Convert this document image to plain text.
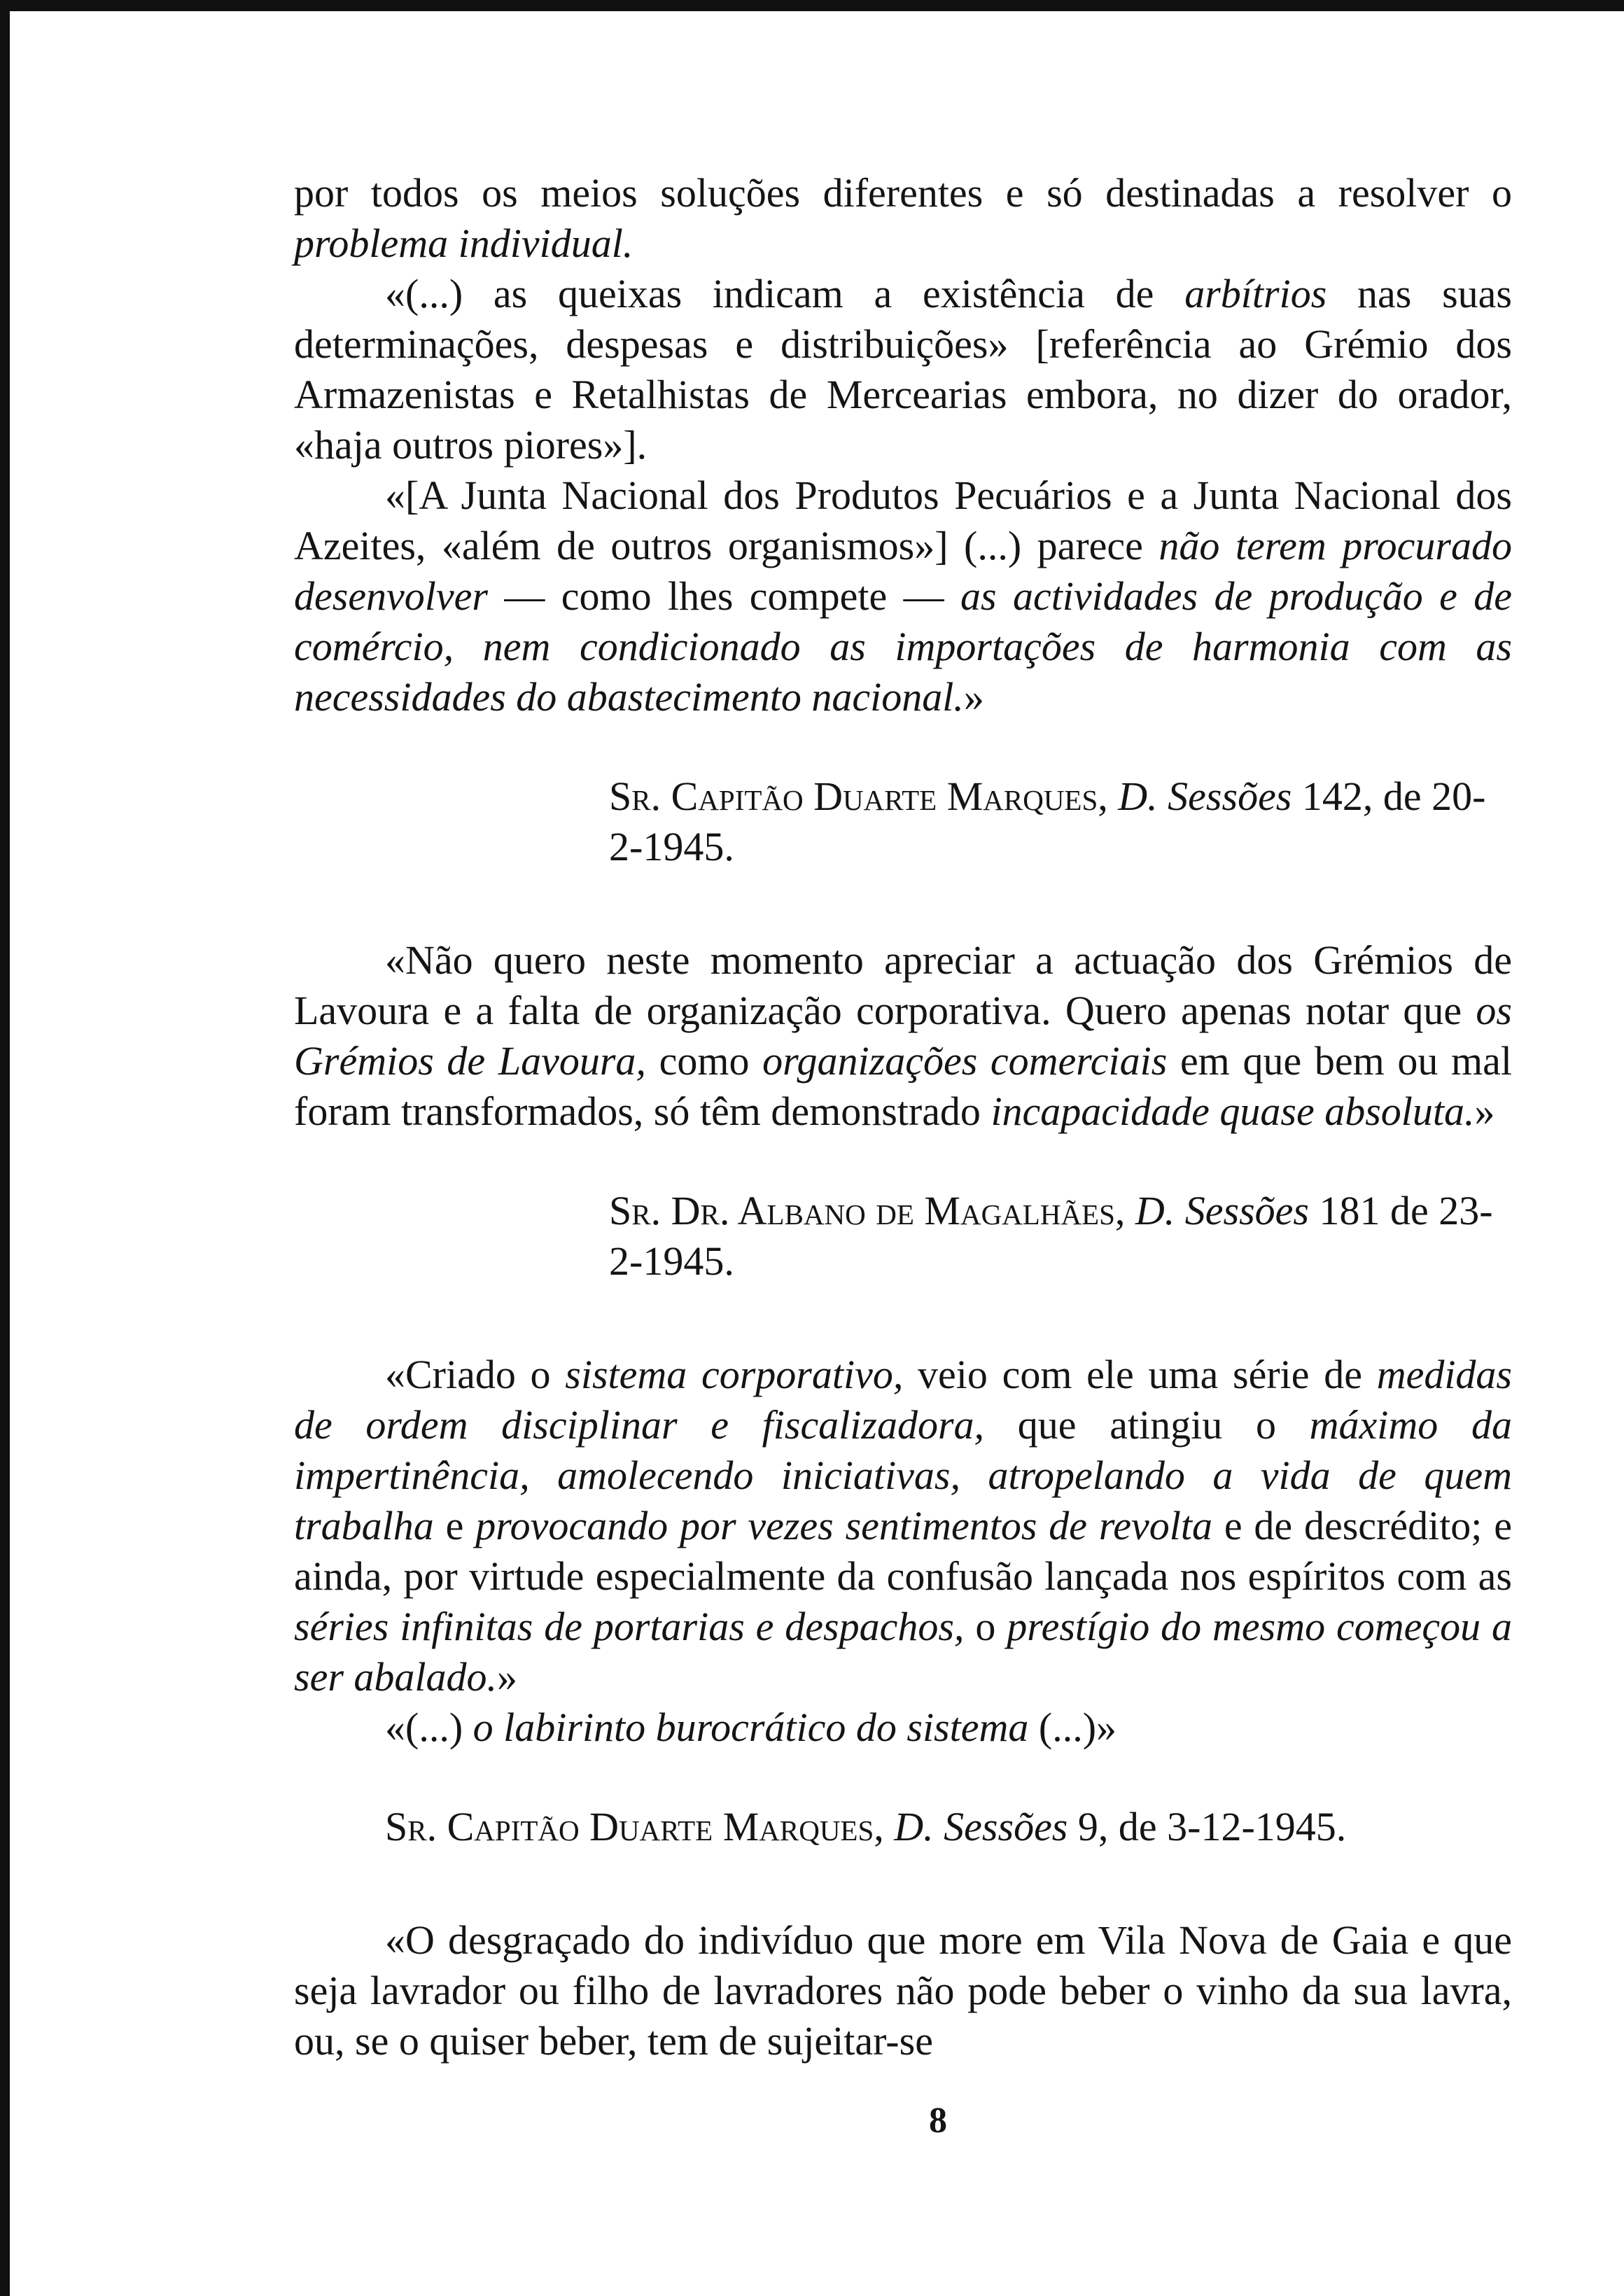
por todos os meios soluções diferentes e só destinadas a resolver o problema individual.

«(...) as queixas indicam a existência de arbítrios nas suas determinações, despesas e distribuições» [referência ao Grémio dos Armazenistas e Retalhistas de Mercearias embora, no dizer do orador, «haja outros piores»].

«[A Junta Nacional dos Produtos Pecuários e a Junta Nacional dos Azeites, «além de outros organismos»] (...) parece não terem procurado desenvolver — como lhes compete — as actividades de produção e de comércio, nem condicionado as importações de harmonia com as necessidades do abastecimento nacional.»

Sr. Capitão Duarte Marques, D. Sessões 142, de 20-2-1945.

«Não quero neste momento apreciar a actuação dos Grémios de Lavoura e a falta de organização corporativa. Quero apenas notar que os Grémios de Lavoura, como organizações comerciais em que bem ou mal foram transformados, só têm demonstrado incapacidade quase absoluta.»

Sr. Dr. Albano de Magalhães, D. Sessões 181 de 23-2-1945.

«Criado o sistema corporativo, veio com ele uma série de medidas de ordem disciplinar e fiscalizadora, que atingiu o máximo da impertinência, amolecendo iniciativas, atropelando a vida de quem trabalha e provocando por vezes sentimentos de revolta e de descrédito; e ainda, por virtude especialmente da confusão lançada nos espíritos com as séries infinitas de portarias e despachos, o prestígio do mesmo começou a ser abalado.»

«(...) o labirinto burocrático do sistema (...)»

Sr. Capitão Duarte Marques, D. Sessões 9, de 3-12-1945.

«O desgraçado do indivíduo que more em Vila Nova de Gaia e que seja lavrador ou filho de lavradores não pode beber o vinho da sua lavra, ou, se o quiser beber, tem de sujeitar-se

8
